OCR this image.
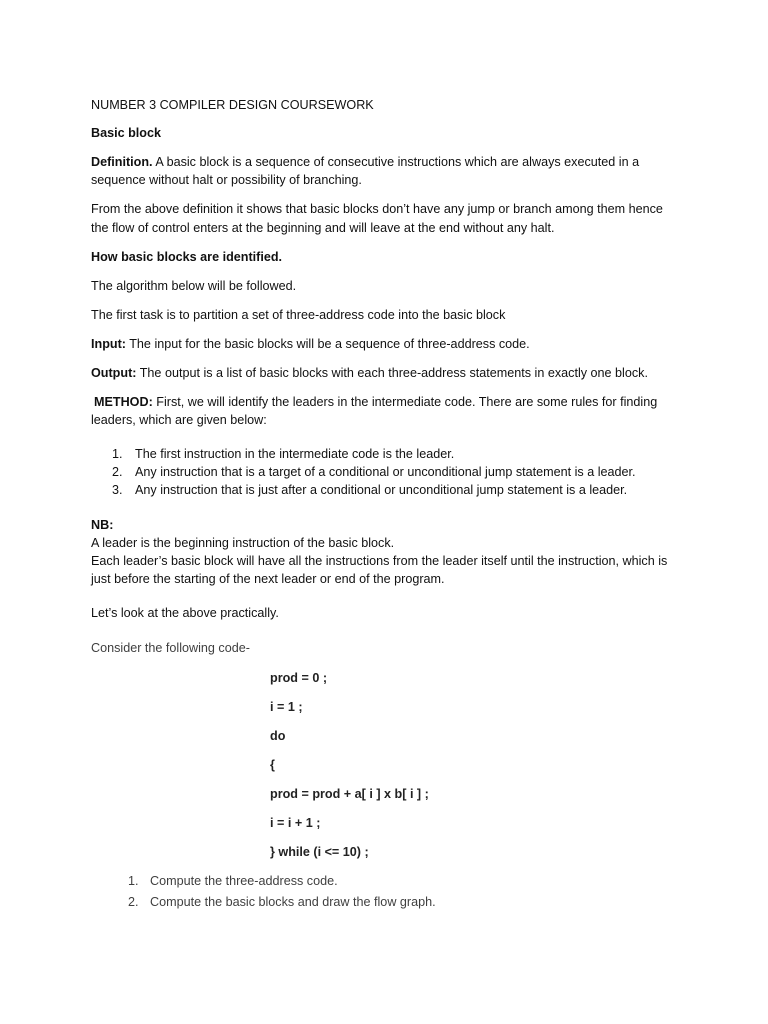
NUMBER 3 COMPILER DESIGN COURSEWORK
Basic block
Definition. A basic block is a sequence of consecutive instructions which are always executed in a
sequence without halt or possibility of branching.
From the above definition it shows that basic blocks don’t have any jump or branch among them hence
the flow of control enters at the beginning and will leave at the end without any halt.
How basic blocks are identified.
The algorithm below will be followed.
The first task is to partition a set of three-address code into the basic block
Input: The input for the basic blocks will be a sequence of three-address code.
Output: The output is a list of basic blocks with each three-address statements in exactly one block.
METHOD: First, we will identify the leaders in the intermediate code. There are some rules for finding
leaders, which are given below:
1. The first instruction in the intermediate code is the leader.
2. Any instruction that is a target of a conditional or unconditional jump statement is a leader.
3. Any instruction that is just after a conditional or unconditional jump statement is a leader.
NB:
A leader is the beginning instruction of the basic block.
Each leader’s basic block will have all the instructions from the leader itself until the instruction, which is
just before the starting of the next leader or end of the program.
Let’s look at the above practically.
Consider the following code-
prod = 0 ;
i = 1 ;
do
{
prod = prod + a[ i ] x b[ i ] ;
i = i + 1 ;
} while (i <= 10) ;
1. Compute the three-address code.
2. Compute the basic blocks and draw the flow graph.
